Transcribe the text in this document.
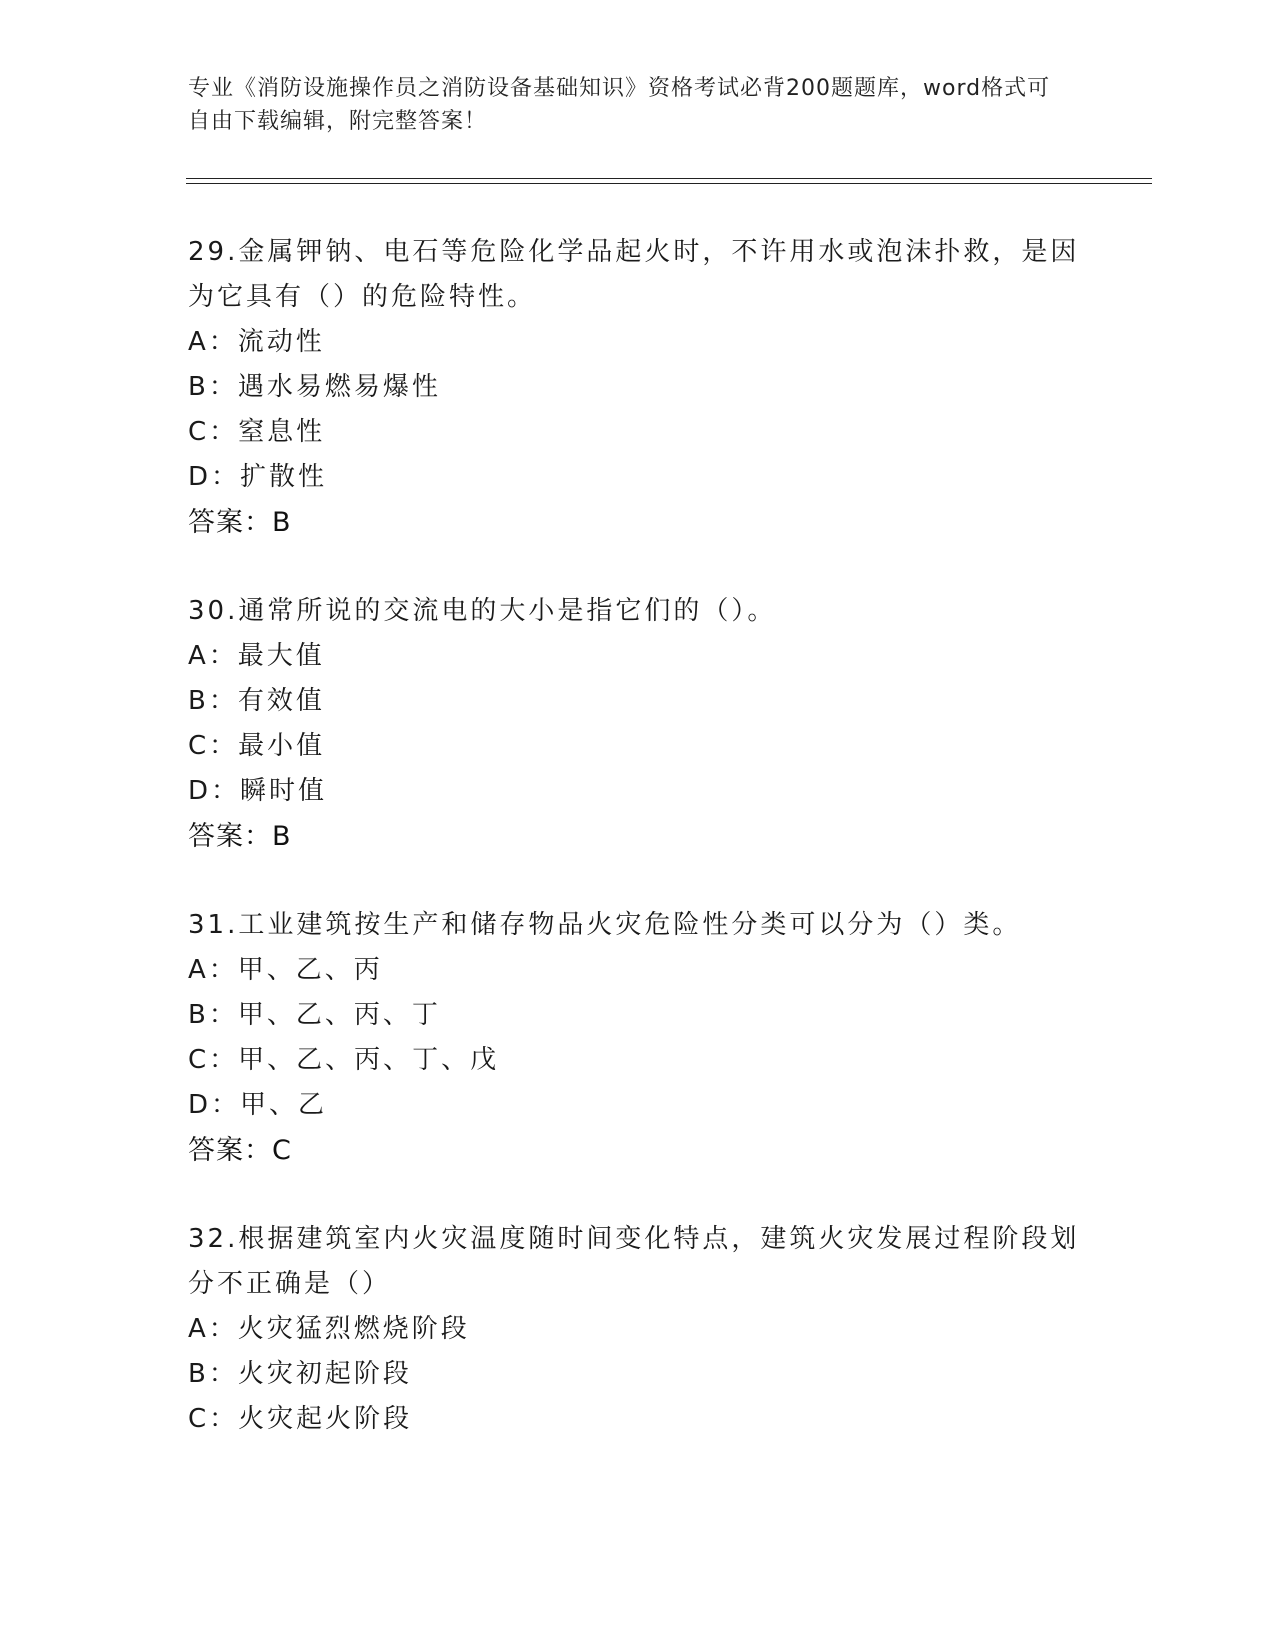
专业《消防设施操作员之消防设备基础知识》资格考试必背200题题库，word格式可自由下载编辑，附完整答案！
29.金属钾钠、电石等危险化学品起火时，不许用水或泡沫扑救，是因为它具有（）的危险特性。
A：流动性
B：遇水易燃易爆性
C：窒息性
D：扩散性
答案：B
30.通常所说的交流电的大小是指它们的（）。
A：最大值
B：有效值
C：最小值
D：瞬时值
答案：B
31.工业建筑按生产和储存物品火灾危险性分类可以分为（）类。
A：甲、乙、丙
B：甲、乙、丙、丁
C：甲、乙、丙、丁、戊
D：甲、乙
答案：C
32.根据建筑室内火灾温度随时间变化特点，建筑火灾发展过程阶段划分不正确是（）
A：火灾猛烈燃烧阶段
B：火灾初起阶段
C：火灾起火阶段
